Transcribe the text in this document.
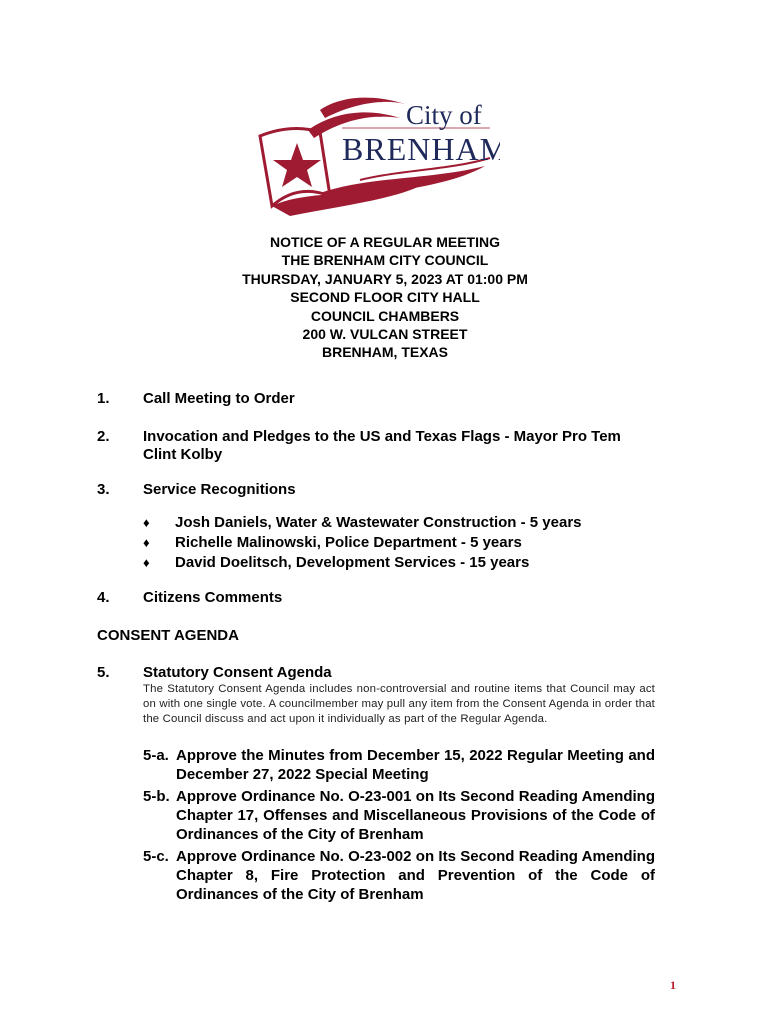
City of
BRENHAM
NOTICE OF A REGULAR MEETING
THE BRENHAM CITY COUNCIL
THURSDAY, JANUARY 5, 2023 AT 01:00 PM
SECOND FLOOR CITY HALL
COUNCIL CHAMBERS
200 W. VULCAN STREET
BRENHAM, TEXAS
1. Call Meeting to Order
2. Invocation and Pledges to the US and Texas Flags - Mayor Pro Tem Clint Kolby
3. Service Recognitions
♦ Josh Daniels, Water & Wastewater Construction - 5 years
♦ Richelle Malinowski, Police Department - 5 years
♦ David Doelitsch, Development Services - 15 years
4. Citizens Comments
CONSENT AGENDA
5. Statutory Consent Agenda
The Statutory Consent Agenda includes non-controversial and routine items that Council may act on with one single vote. A councilmember may pull any item from the Consent Agenda in order that the Council discuss and act upon it individually as part of the Regular Agenda.
5-a. Approve the Minutes from December 15, 2022 Regular Meeting and December 27, 2022 Special Meeting
5-b. Approve Ordinance No. O-23-001 on Its Second Reading Amending Chapter 17, Offenses and Miscellaneous Provisions of the Code of Ordinances of the City of Brenham
5-c. Approve Ordinance No. O-23-002 on Its Second Reading Amending Chapter 8, Fire Protection and Prevention of the Code of Ordinances of the City of Brenham
1
